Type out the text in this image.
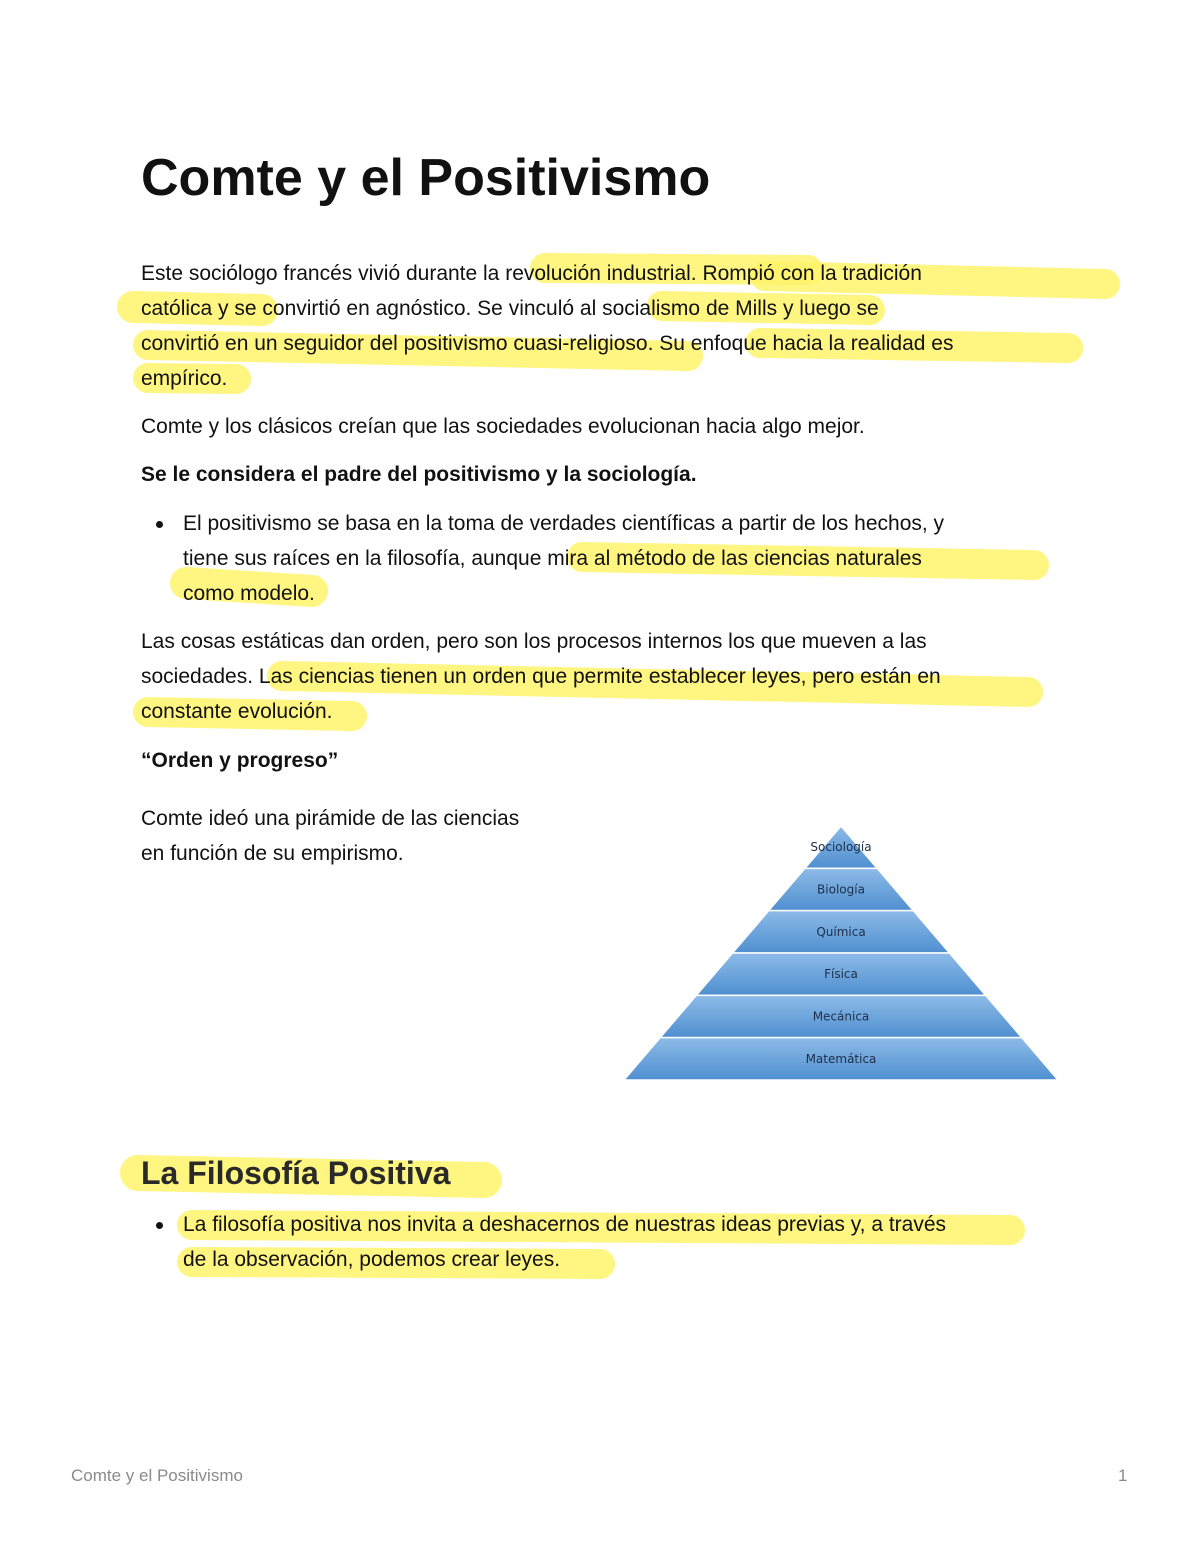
Comte y el Positivismo
Este sociólogo francés vivió durante la revolución industrial. Rompió con la tradición
católica y se convirtió en agnóstico. Se vinculó al socialismo de Mills y luego se
convirtió en un seguidor del positivismo cuasi-religioso. Su enfoque hacia la realidad es
empírico.
Comte y los clásicos creían que las sociedades evolucionan hacia algo mejor.
Se le considera el padre del positivismo y la sociología.
El positivismo se basa en la toma de verdades científicas a partir de los hechos, y
tiene sus raíces en la filosofía, aunque mira al método de las ciencias naturales
como modelo.
Las cosas estáticas dan orden, pero son los procesos internos los que mueven a las
sociedades. Las ciencias tienen un orden que permite establecer leyes, pero están en
constante evolución.
“Orden y progreso”
Comte ideó una pirámide de las ciencias
en función de su empirismo.	Sociología
Biología
Química
Física
Mecánica
Matemática
La Filosofía Positiva
La filosofía positiva nos invita a deshacernos de nuestras ideas previas y, a través
de la observación, podemos crear leyes.
Comte y el Positivismo	1
